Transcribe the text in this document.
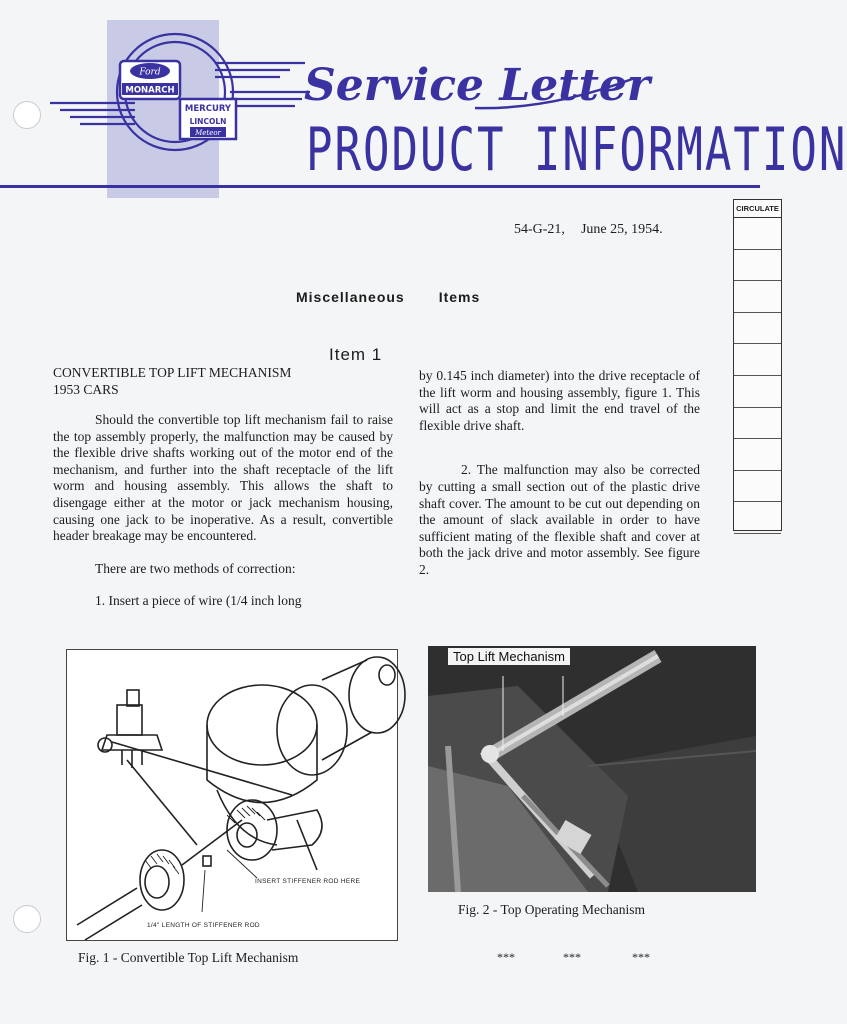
Ford
MONARCH
MERCURY
LINCOLN
Meteor
Service Letter
PRODUCT INFORMATION
CIRCULATE
54-G-21, June 25, 1954.
Miscellaneous Items
Item 1
CONVERTIBLE TOP LIFT MECHANISM
1953 CARS

Should the convertible top lift mechanism fail to raise the top assembly properly, the malfunction may be caused by the flexible drive shafts working out of the motor end of the mechanism, and further into the shaft receptacle of the lift worm and housing assembly. This allows the shaft to disengage either at the motor or jack mechanism housing, causing one jack to be inoperative. As a result, convertible header breakage may be encountered.

There are two methods of correction:

1. Insert a piece of wire (1/4 inch long

by 0.145 inch diameter) into the drive receptacle of the lift worm and housing assembly, figure 1. This will act as a stop and limit the end travel of the flexible drive shaft.

2. The malfunction may also be corrected by cutting a small section out of the plastic drive shaft cover. The amount to be cut out depending on the amount of slack available in order to have sufficient mating of the flexible shaft and cover at both the jack drive and motor assembly. See figure 2.

INSERT STIFFENER ROD HERE
1/4" LENGTH OF STIFFENER ROD
Top Lift Mechanism
Fig. 1 - Convertible Top Lift Mechanism
Fig. 2 - Top Operating Mechanism
***	***	***
